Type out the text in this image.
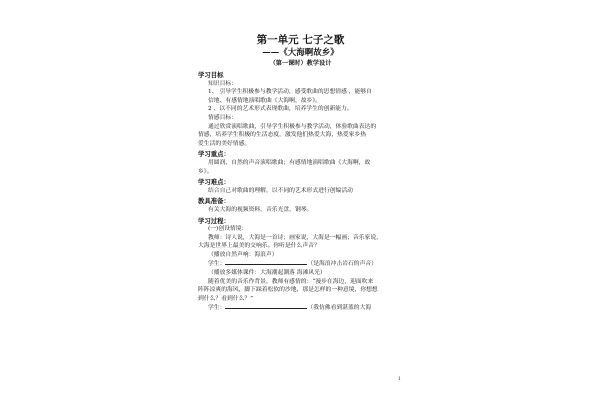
第一单元 七子之歌

——《大海啊故乡》

（第一课时）教学设计

学习目标

知识目标：

1、 引导学生积极参与教学活动，感受歌曲的思想情感 ，能够自

信地、有感情地演唱歌曲《大海啊，故乡》。

2 、以不同的艺术形式表现歌曲，培养学生的创新能力。

情感目标：

通过欣赏演唱歌曲，引导学生积极参与教学活动，体验歌曲表达的

情感，培养学生积极的生活态度，激发他们热爱大海，热爱家乡热

爱生活的美好情感。

学习重点：

用圆润、自然的声音演唱歌曲；有感情地演唱歌曲《大海啊，故

乡》。

学习难点：

结合自己对歌曲的理解，以不同的艺术形式进行创编活动

教具准备：

有关大海的视频资料，音乐光盘，钢琴。

学习过程：

(一)创设情境：

教师：诗人说，大海是一首诗；画家说，大海是一幅画；音乐家说，

大海是世界上最美的交响乐。你听是什么声音？

（播放自然声响：海浪声）

学生：	（是海浪冲击岩石的声音）

（播放多媒体课件：大海潮起潮落 海滩风光）

随着优美的音乐作背景，教师有感情的：“漫步在海边，迎面吹来

阵阵凉爽的海风，脚下踩着松软的沙地，那是怎样的一种意境，你想想

到什么？看到什么？”

学生：	（我仿佛看到湛蓝的大海

1
